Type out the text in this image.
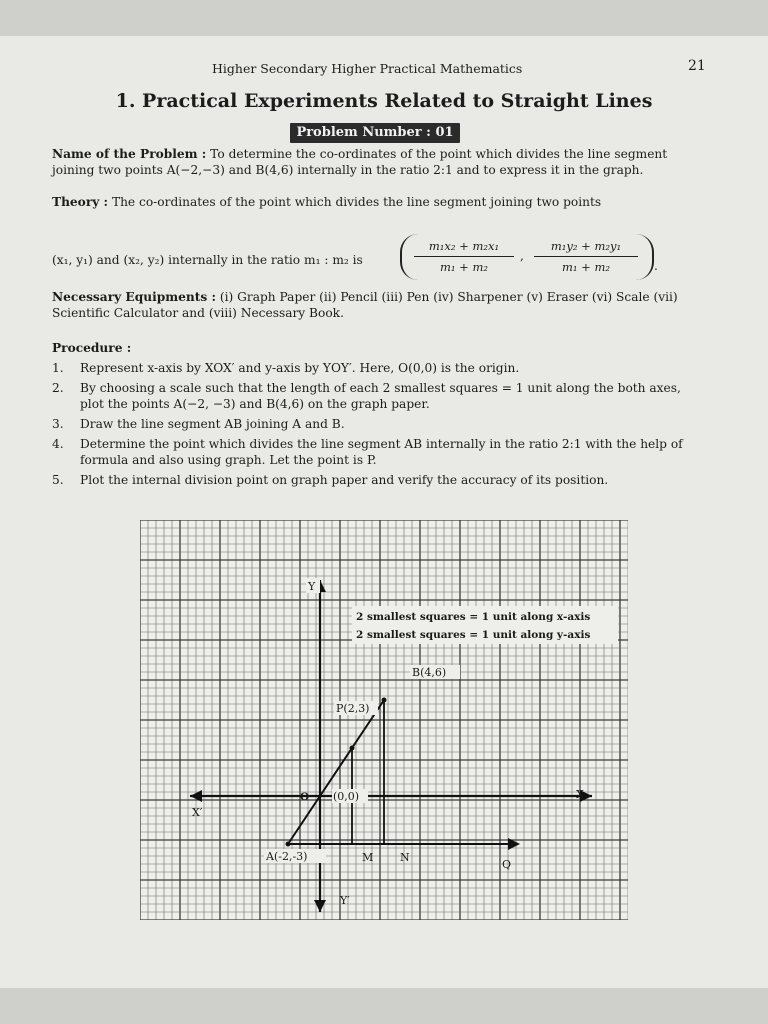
Higher Secondary Higher Practical Mathematics	21
1. Practical Experiments Related to Straight Lines
Problem Number : 01
Name of the Problem : To determine the co-ordinates of the point which divides the line segment joining two points A(−2,−3) and B(4,6) internally in the ratio 2:1 and to express it in the graph.
Theory : The co-ordinates of the point which divides the line segment joining two points
(x₁, y₁) and (x₂, y₂) internally in the ratio m₁ : m₂ is	$\frac{\text{m₁x₂ + m₂x₁}}{\text{m₁ + m₂}}$ , $\frac{\text{m₁y₂ + m₂y₁}}{\text{m₁ + m₂}}$ .
Necessary Equipments : (i) Graph Paper (ii) Pencil (iii) Pen (iv) Sharpener (v) Eraser (vi) Scale (vii) Scientific Calculator and (viii) Necessary Book.
Procedure :
1. Represent x-axis by XOX′ and y-axis by YOY′. Here, O(0,0) is the origin.
2. By choosing a scale such that the length of each 2 smallest squares = 1 unit along the both axes, plot the points A(−2, −3) and B(4,6) on the graph paper.
3. Draw the line segment AB joining A and B.
4. Determine the point which divides the line segment AB internally in the ratio 2:1 with the help of formula and also using graph. Let the point is P.
5. Plot the internal division point on graph paper and verify the accuracy of its position.
2 smallest squares = 1 unit along x-axis
2 smallest squares = 1 unit along y-axis
Y
Y′
X
X′
O (0,0)
A(-2,-3)
B(4,6)
P(2,3)
M N
Q
